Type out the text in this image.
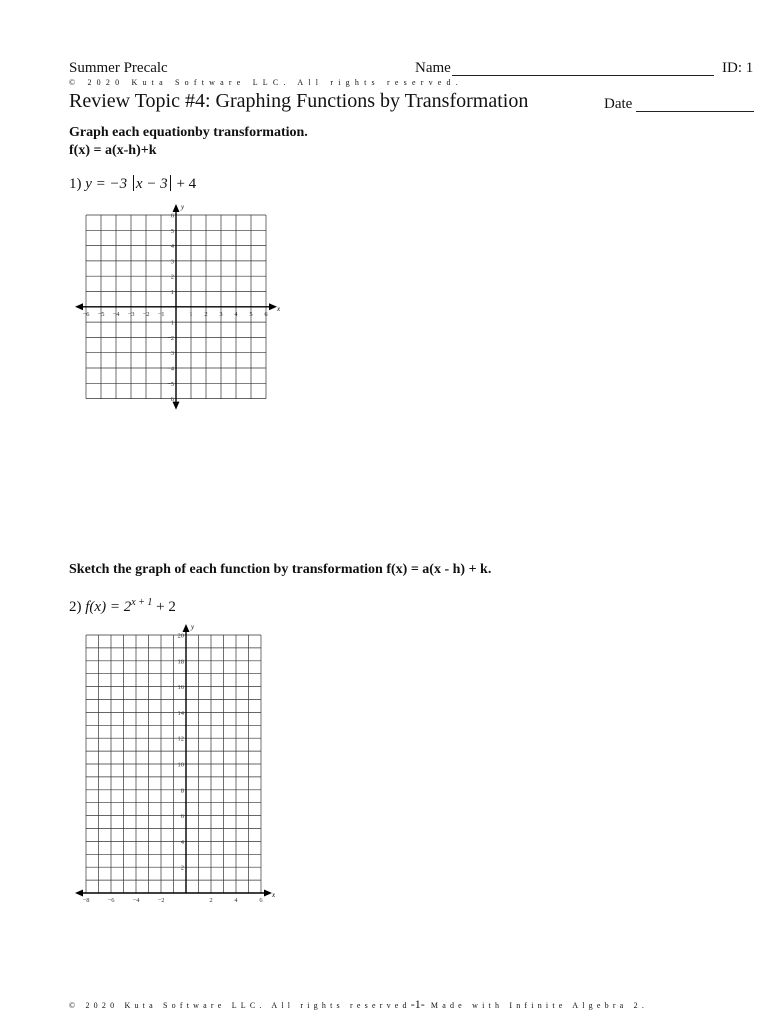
Summer Precalc
© 2020 Kuta Software LLC. All rights reserved.
Name	ID: 1
Review Topic #4: Graphing Functions by Transformation	Date
Graph each equationby transformation.
f(x) = a(x-h)+k
1) y = −3 x − 3 + 4
x
y
−6 −5 −4 −3 −2 −1	1 2 3 4 5 6
6
5
4
3
2
1
−1
−2
−3
−4
−5
−6
Sketch the graph of each function by transformation f(x) = a(x - h) + k.
2) $f(x) = 2^{x + 1} + 2$
x
y
−8	−6	−4	−2	2	4	6
20
18
16
14
12
10
8
6
4
2
© 2020 Kuta Software LLC. All rights reserved-1- Made with Infinite Algebra 2.
